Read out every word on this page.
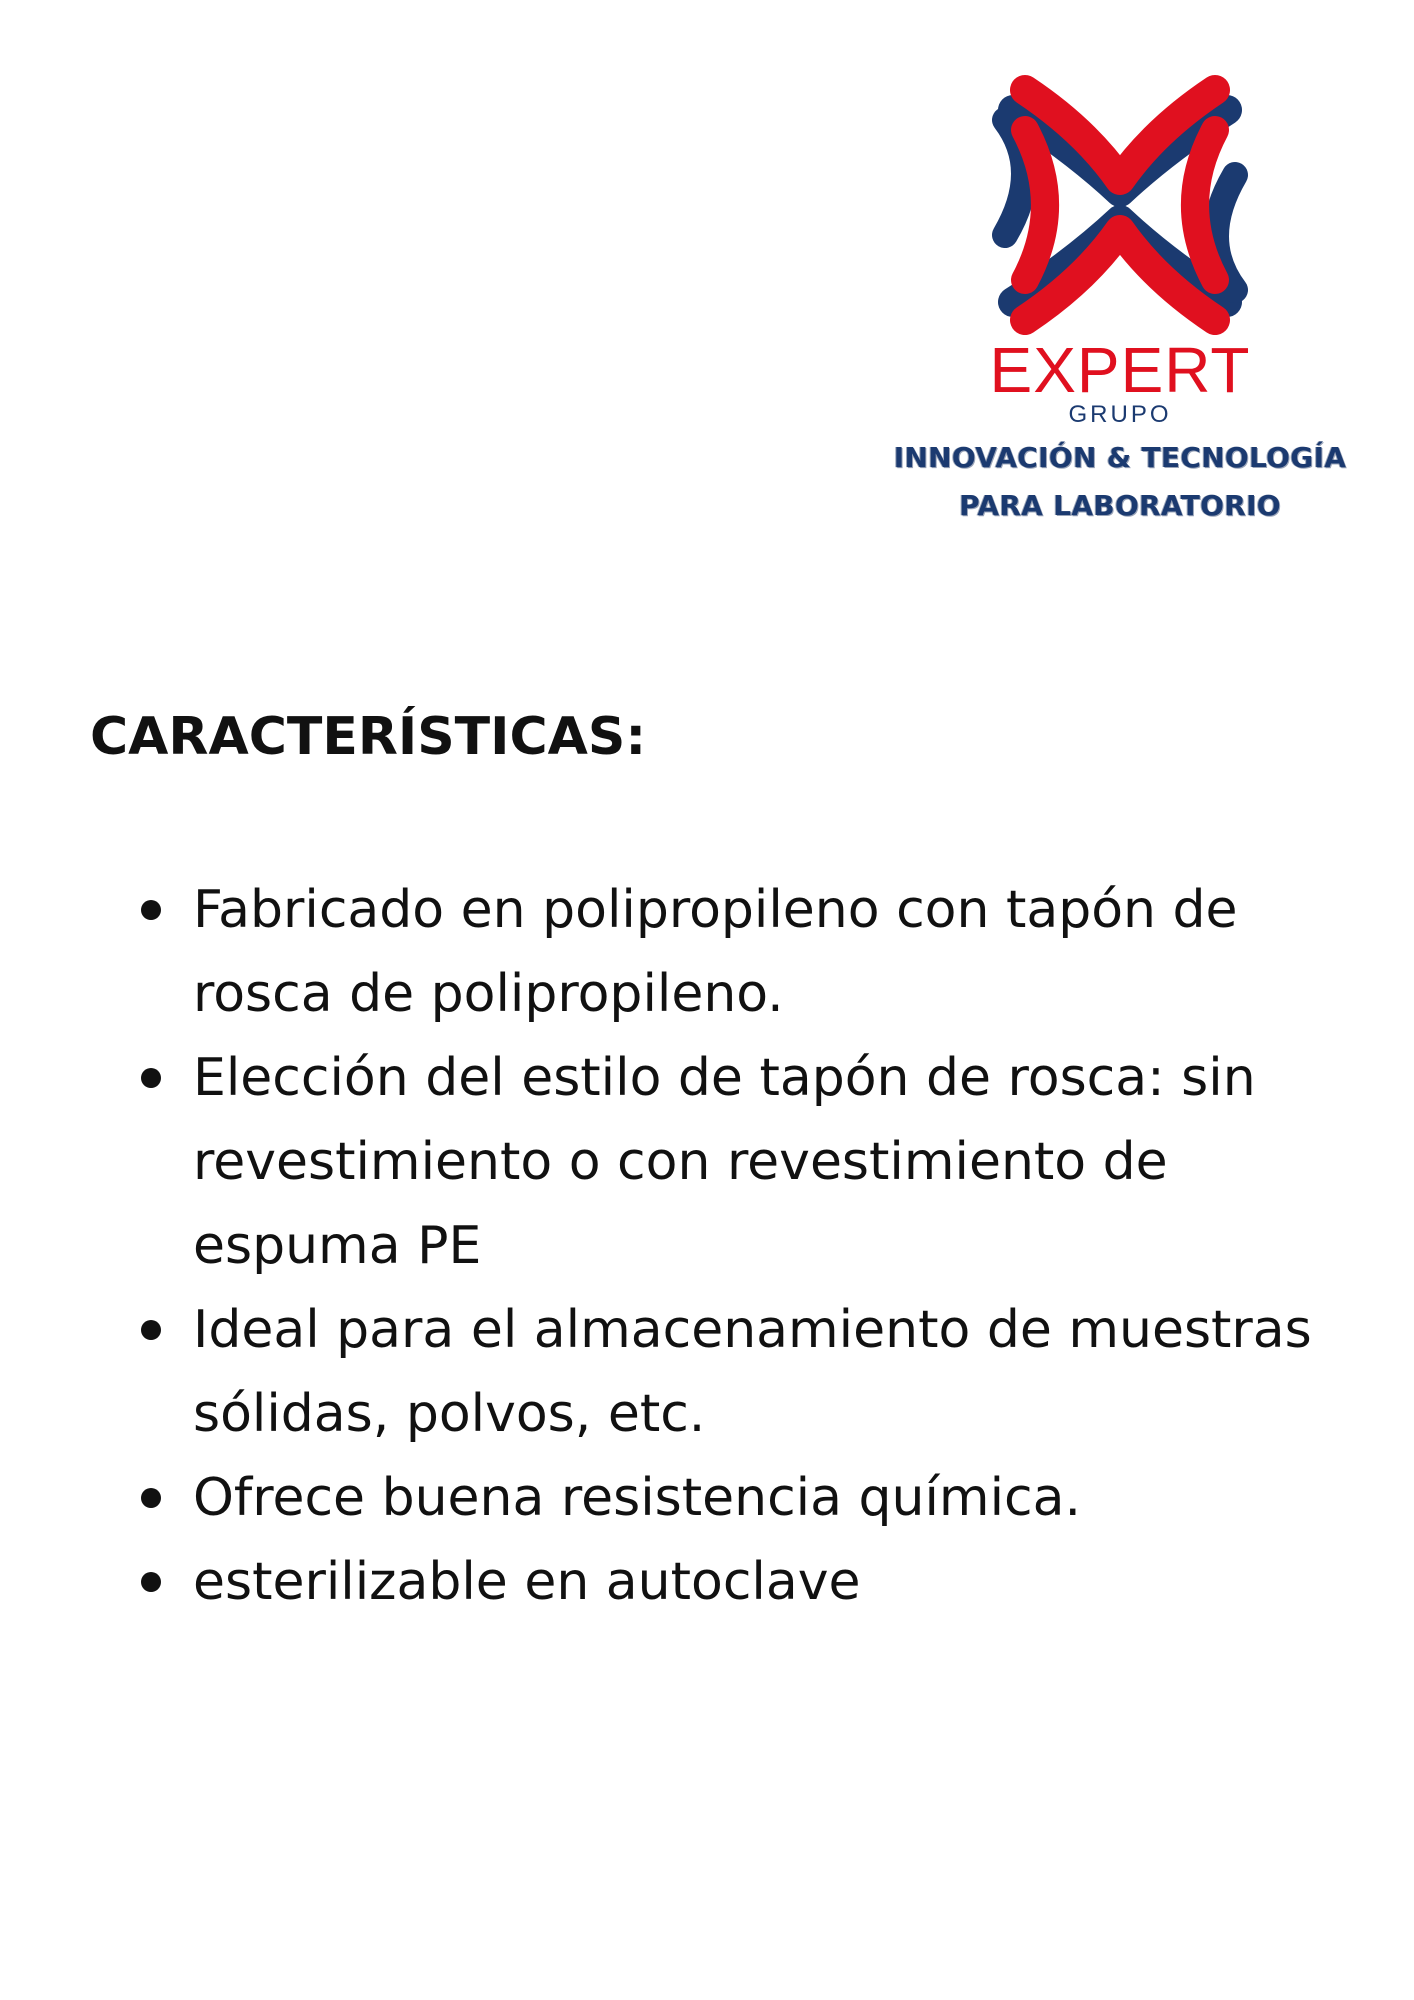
EXPERT
GRUPO
INNOVACIÓN & TECNOLOGÍA
PARA LABORATORIO
CARACTERÍSTICAS:
Fabricado en polipropileno con tapón de rosca de polipropileno.
Elección del estilo de tapón de rosca: sin revestimiento o con revestimiento de espuma PE
Ideal para el almacenamiento de muestras sólidas, polvos, etc.
Ofrece buena resistencia química.
esterilizable en autoclave
